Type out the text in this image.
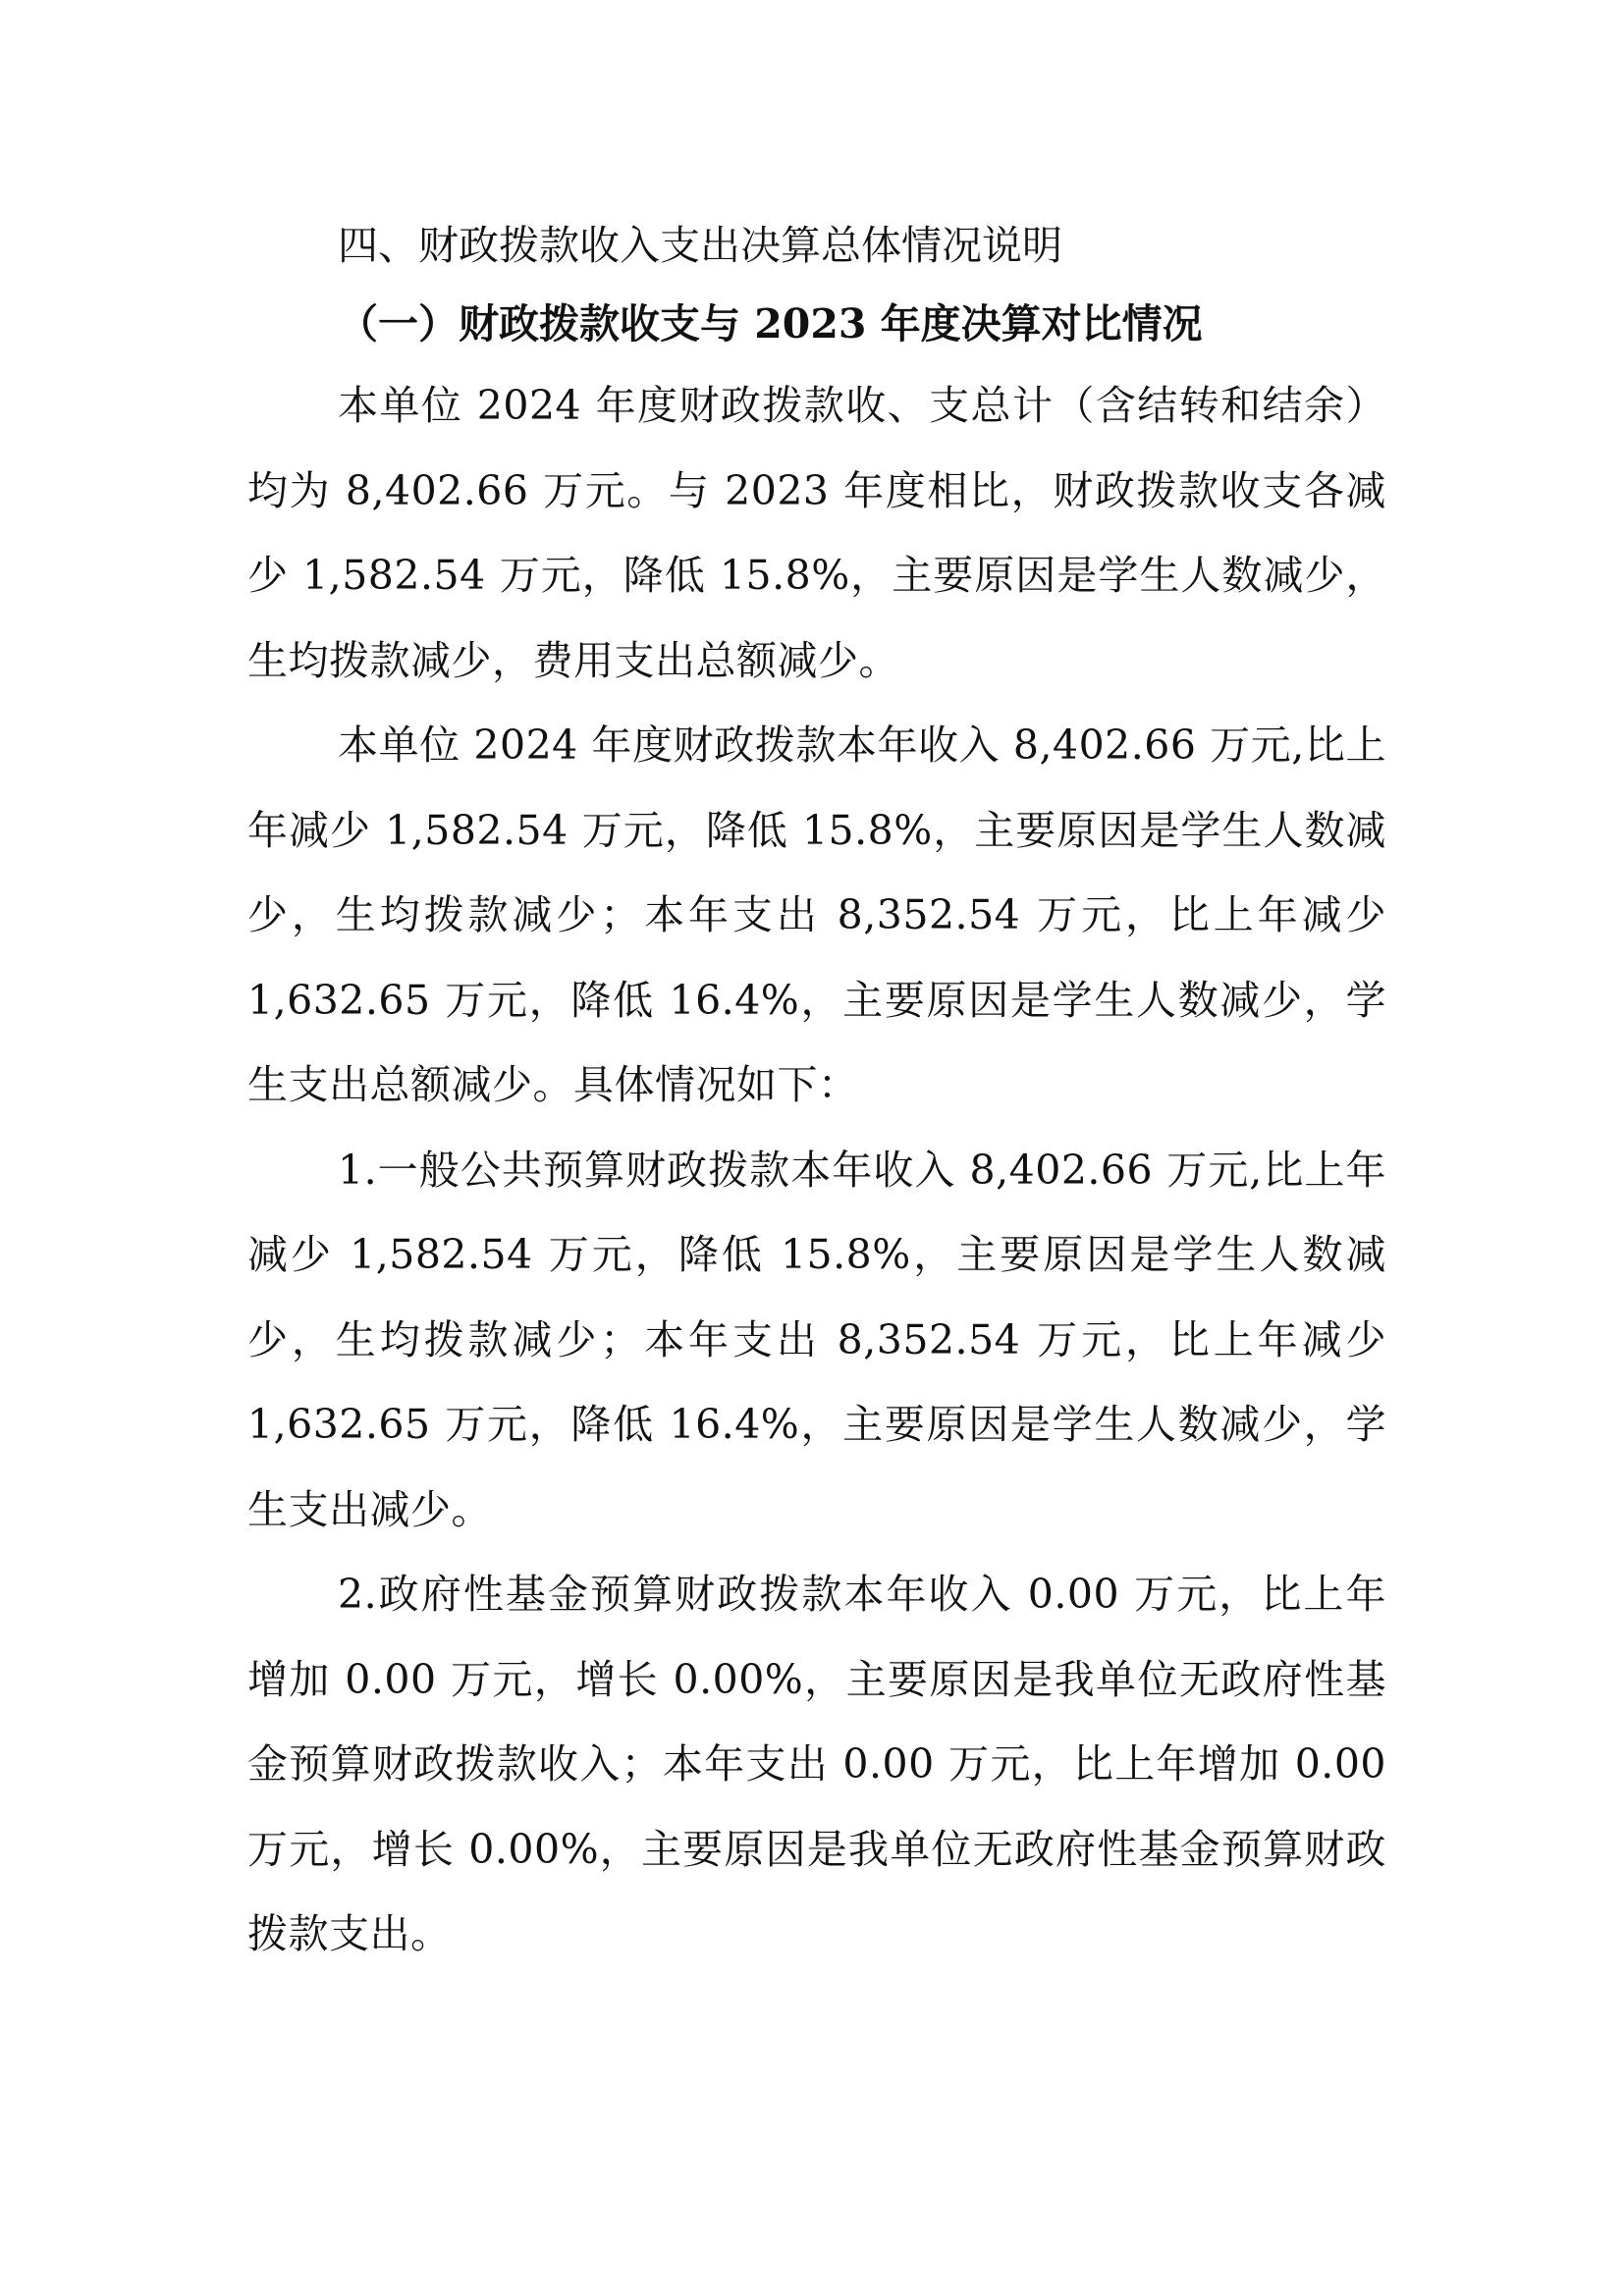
四、财政拨款收入支出决算总体情况说明
（一）财政拨款收支与 2023 年度决算对比情况

本单位 2024 年度财政拨款收、支总计（含结转和结余）均为 8,402.66 万元。与 2023 年度相比，财政拨款收支各减少 1,582.54 万元，降低 15.8%，主要原因是学生人数减少，生均拨款减少，费用支出总额减少。

本单位 2024 年度财政拨款本年收入 8,402.66 万元,比上年减少 1,582.54 万元，降低 15.8%，主要原因是学生人数减少，生均拨款减少；本年支出 8,352.54 万元，比上年减少 1,632.65 万元，降低 16.4%，主要原因是学生人数减少，学生支出总额减少。具体情况如下：

1.一般公共预算财政拨款本年收入 8,402.66 万元,比上年减少 1,582.54 万元，降低 15.8%，主要原因是学生人数减少，生均拨款减少；本年支出 8,352.54 万元，比上年减少 1,632.65 万元，降低 16.4%，主要原因是学生人数减少，学生支出减少。

2.政府性基金预算财政拨款本年收入 0.00 万元，比上年增加 0.00 万元，增长 0.00%，主要原因是我单位无政府性基金预算财政拨款收入；本年支出 0.00 万元，比上年增加 0.00 万元，增长 0.00%，主要原因是我单位无政府性基金预算财政拨款支出。
